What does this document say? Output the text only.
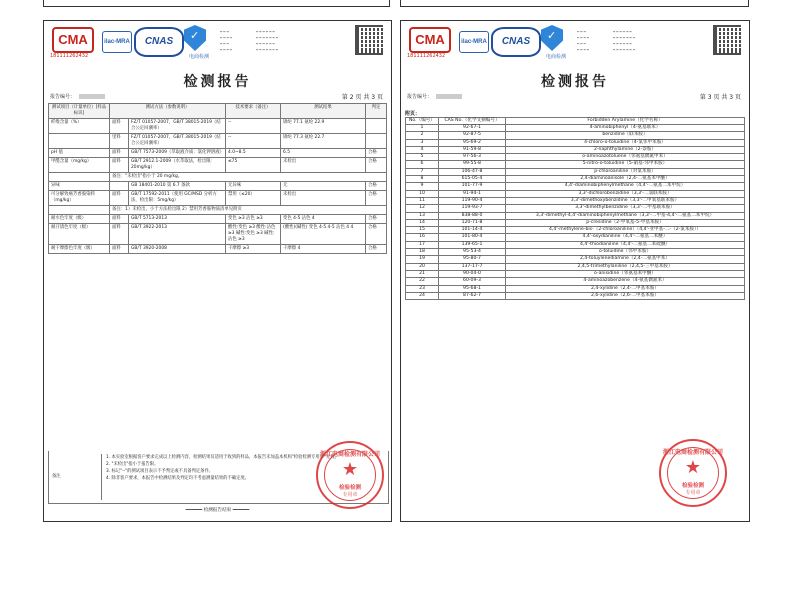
CMA
181111262432
ilac-MRA	CNAS
✓
电商检测
━ ━ ━
━ ━ ━ ━
━ ━ ━
━ ━ ━ ━
━ ━ ━ ━ ━ ━
━ ━ ━ ━ ━ ━ ━
━ ━ ━ ━ ━ ━
━ ━ ━ ━ ━ ━ ━
检测报告
报告编号：	第 2 页 共 3 页
测试项目（计量单位）[样品标识]	测试方法（参数说明）		技术要求（备注）	测试结果	判定
纤维含量（%）	面料	FZ/T 01057-2007，GB/T 38015-2019（结合公定回潮率）	--	锦纶 77.1 氨纶 22.9	
	里料	FZ/T 01057-2007，GB/T 38015-2019（结合公定回潮率）	--	锦纶 77.3 氨纶 22.7	
pH 值	面料	GB/T 7573-2009（萃取液介质：氯化钾溶液）	4.0~8.5	6.5	合格
甲醛含量（mg/kg）	面料	GB/T 2912.1-2009（水萃取法，检出限：20mg/kg）	≤75	未检出	合格
	备注："未检出"指小于 20 mg/kg。				
异味		GB 18401-2010 第 6.7 条款	无异味	无	合格
可分解致癌芳香胺染料（mg/kg）	面料	GB/T 17592-2011（使用 GC/MSD 分析方法，检出限：5mg/kg）	禁用（≤20）	未检出	合格
	备注：1）未检出，小于方法检出限 2）禁用芳香胺物质清单见附页				
耐水色牢度（级）	面料	GB/T 5713-2013	变色 ≥3 沾色 ≥3	变色 4-5 沾色 4	合格
耐汗渍色牢度（级）	面料	GB/T 3922-2013	酸性:变色 ≥3 酸性:沾色 ≥3 碱性:变色 ≥3 碱性:沾色 ≥3	(酸性)(碱性) 变色 4-5 4-5 沾色 4 4	合格
耐干摩擦色牢度（级）	面料	GB/T 3920-2008	干摩擦 ≥3	干摩擦 4	合格
备注
1. 本实验室根据客户要求完成以上检测内容，检测结果仅适用于收到的样品，本报告未加盖本机构"检验检测专用章"无效。
2. "未检出"指小于报告限。
3. 标记"--"的测试项目表示不予判定或不具备判定条件。
4. 除非客户要求，本报告中检测结果及判定均不考虑测量结果的不确定度。
━━━━━━ 检测报告结束 ━━━━━━
浙江电商检测有限公司
★
检验检测
专用章
CMA
181111262432
ilac-MRA	CNAS
✓
电商检测
━ ━ ━
━ ━ ━ ━
━ ━ ━
━ ━ ━ ━
━ ━ ━ ━ ━ ━
━ ━ ━ ━ ━ ━ ━
━ ━ ━ ━ ━ ━
━ ━ ━ ━ ━ ━ ━
检测报告
报告编号：	第 3 页 共 3 页
附页：
No.（编号）	CAS No.（化学文摘编号）	Forbidden Arylamine（化学名称）
1	92-67-1	4-aminobiphenyl（4-氨基联苯）
2	92-87-5	benzidine（联苯胺）
3	95-69-2	4-chloro-o-toluidine（4-氯邻甲苯胺）
4	91-59-8	2-naphthylamine（2-萘胺）
5	97-56-3	o-aminoazotoluene（邻氨基偶氮甲苯）
6	99-55-8	5-nitro-o-toluidine（5-硝基-邻甲苯胺）
7	106-47-8	p-chloroaniline（对氯苯胺）
8	615-05-4	2,4-diaminoanisole（2,4-二氨基苯甲醚）
9	101-77-9	4,4'-diaminobiphenylmethane（4,4'-二氨基二苯甲烷）
10	91-94-1	3,3'-dichlorobenzidine（3,3'-二氯联苯胺）
11	119-90-4	3,3'-dimethoxybenzidine（3,3'-二甲氧基联苯胺）
12	119-93-7	3,3'-dimethylbenzidine（3,3'-二甲基联苯胺）
13	838-88-0	3,3'-dimethyl-4,4'-diaminobiphenylmethane（3,3'-二甲基-4,4'-二氨基二苯甲烷）
14	120-71-8	p-cresidine（2-甲氧基-5-甲基苯胺）
15	101-14-4	4,4'-methylene-bis-（2-chloroaniline）（4,4'-亚甲基-二-（2-氯苯胺））
16	101-80-4	4,4'-oxydianiline（4,4'-二氨基二苯醚）
17	139-65-1	4,4'-thiodianiline（4,4'-二氨基二苯硫醚）
18	95-53-4	o-toluidine（邻甲苯胺）
19	95-80-7	2,4-toluylenediamine（2,4-二氨基甲苯）
20	137-17-7	2,4,5-trimethylaniline（2,4,5-三甲基苯胺）
21	90-04-0	o-anisidine（邻氨基苯甲醚）
22	60-09-3	4-aminoazobenzene（4-氨基偶氮苯）
23	95-68-1	2,4-xylidine（2,4-二甲基苯胺）
24	87-62-7	2,6-xylidine（2,6-二甲基苯胺）
浙江电商检测有限公司
★
检验检测
专用章
